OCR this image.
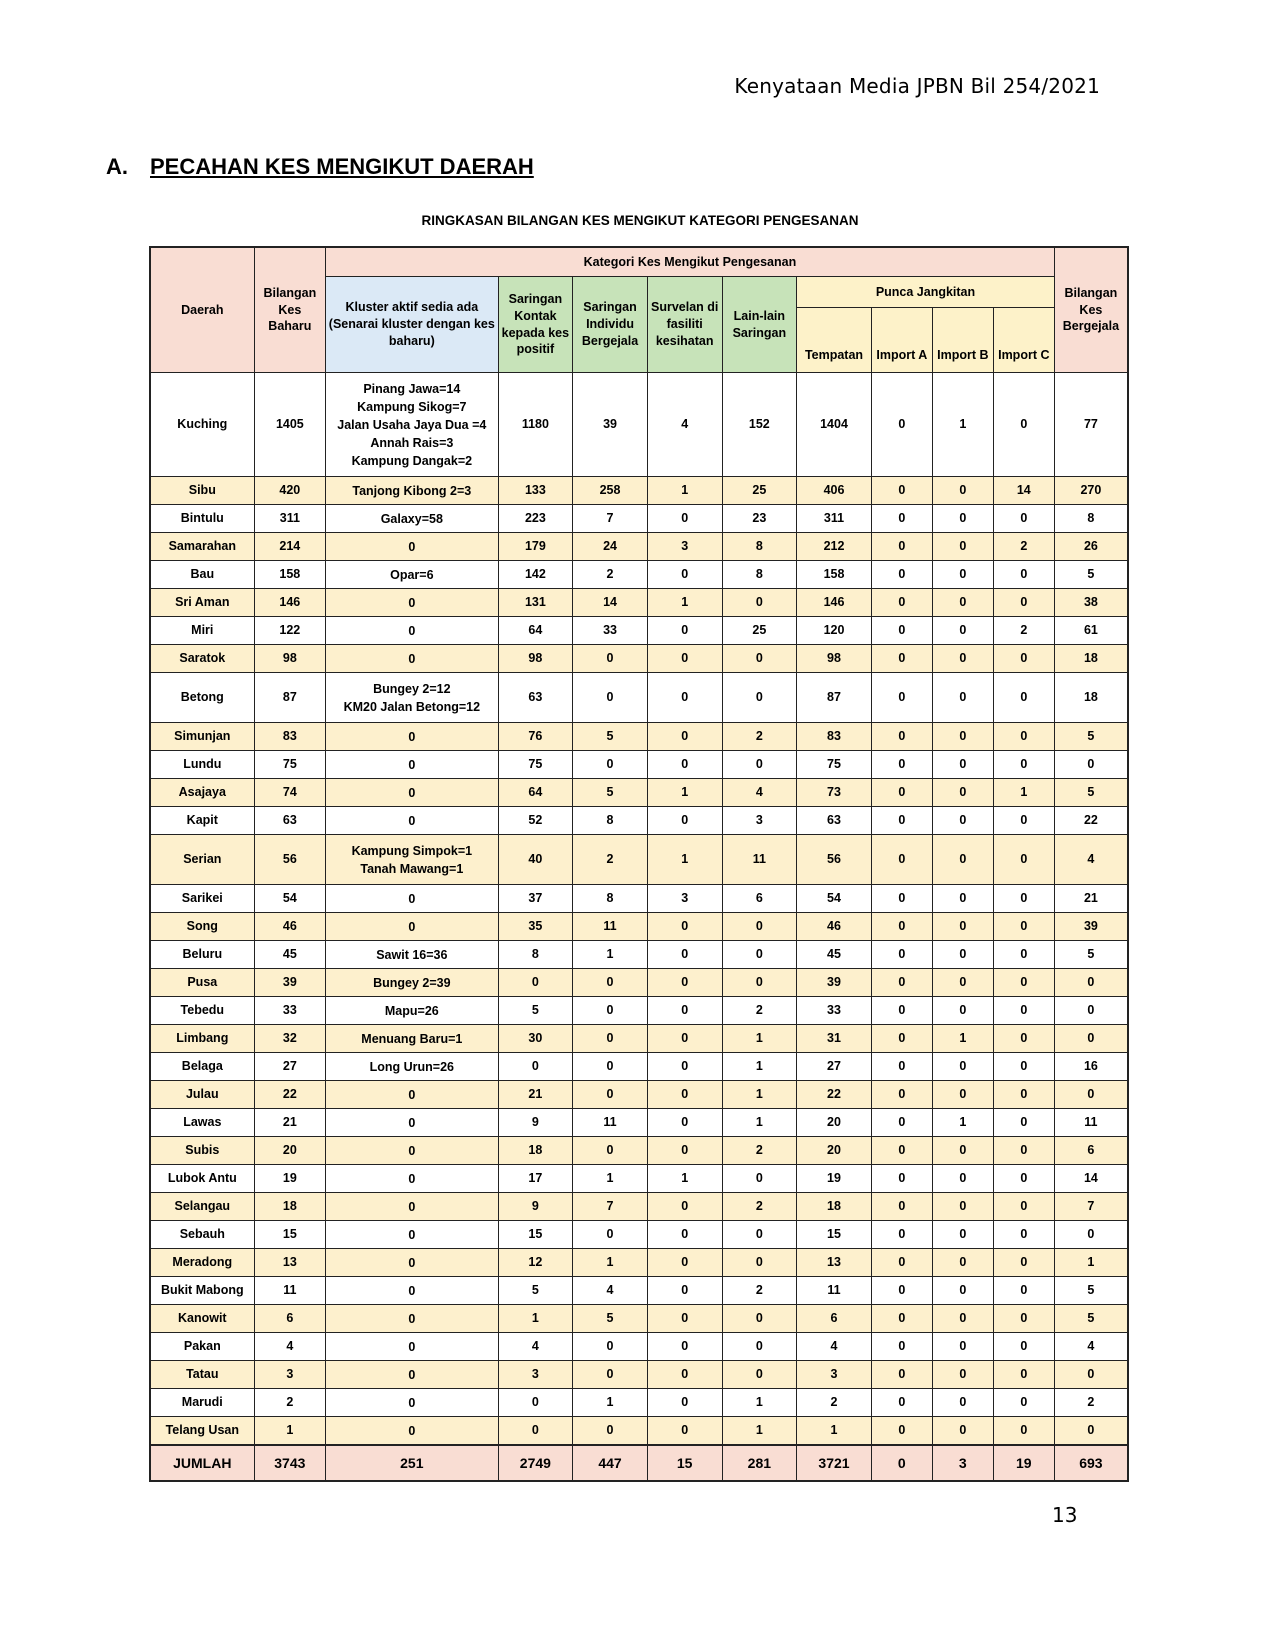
Kenyataan Media JPBN Bil 254/2021
A. PECAHAN KES MENGIKUT DAERAH
RINGKASAN BILANGAN KES MENGIKUT KATEGORI PENGESANAN
Daerah	Bilangan Kes Baharu	Kategori Kes Mengikut Pengesanan									Bilangan Kes Bergejala
		Kluster aktif sedia ada (Senarai kluster dengan kes baharu)	Saringan Kontak kepada kes positif	Saringan Individu Bergejala	Survelan di fasiliti kesihatan	Lain-lain Saringan	Punca Jangkitan				
							Tempatan	Import A	Import B	Import C	
Kuching	1405	Pinang Jawa=14
Kampung Sikog=7
Jalan Usaha Jaya Dua =4
Annah Rais=3
Kampung Dangak=2	1180	39	4	152	1404	0	1	0	77
Sibu	420	Tanjong Kibong 2=3	133	258	1	25	406	0	0	14	270
Bintulu	311	Galaxy=58	223	7	0	23	311	0	0	0	8
Samarahan	214	0	179	24	3	8	212	0	0	2	26
Bau	158	Opar=6	142	2	0	8	158	0	0	0	5
Sri Aman	146	0	131	14	1	0	146	0	0	0	38
Miri	122	0	64	33	0	25	120	0	0	2	61
Saratok	98	0	98	0	0	0	98	0	0	0	18
Betong	87	Bungey 2=12
KM20 Jalan Betong=12	63	0	0	0	87	0	0	0	18
Simunjan	83	0	76	5	0	2	83	0	0	0	5
Lundu	75	0	75	0	0	0	75	0	0	0	0
Asajaya	74	0	64	5	1	4	73	0	0	1	5
Kapit	63	0	52	8	0	3	63	0	0	0	22
Serian	56	Kampung Simpok=1
Tanah Mawang=1	40	2	1	11	56	0	0	0	4
Sarikei	54	0	37	8	3	6	54	0	0	0	21
Song	46	0	35	11	0	0	46	0	0	0	39
Beluru	45	Sawit 16=36	8	1	0	0	45	0	0	0	5
Pusa	39	Bungey 2=39	0	0	0	0	39	0	0	0	0
Tebedu	33	Mapu=26	5	0	0	2	33	0	0	0	0
Limbang	32	Menuang Baru=1	30	0	0	1	31	0	1	0	0
Belaga	27	Long Urun=26	0	0	0	1	27	0	0	0	16
Julau	22	0	21	0	0	1	22	0	0	0	0
Lawas	21	0	9	11	0	1	20	0	1	0	11
Subis	20	0	18	0	0	2	20	0	0	0	6
Lubok Antu	19	0	17	1	1	0	19	0	0	0	14
Selangau	18	0	9	7	0	2	18	0	0	0	7
Sebauh	15	0	15	0	0	0	15	0	0	0	0
Meradong	13	0	12	1	0	0	13	0	0	0	1
Bukit Mabong	11	0	5	4	0	2	11	0	0	0	5
Kanowit	6	0	1	5	0	0	6	0	0	0	5
Pakan	4	0	4	0	0	0	4	0	0	0	4
Tatau	3	0	3	0	0	0	3	0	0	0	0
Marudi	2	0	0	1	0	1	2	0	0	0	2
Telang Usan	1	0	0	0	0	1	1	0	0	0	0
JUMLAH	3743	251	2749	447	15	281	3721	0	3	19	693
13
